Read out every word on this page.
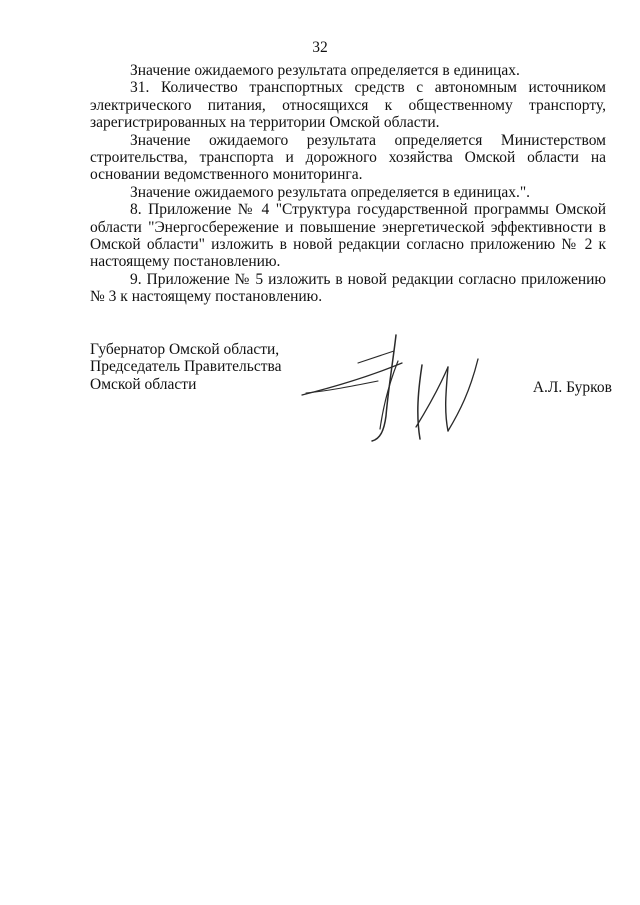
32

Значение ожидаемого результата определяется в единицах.

31. Количество транспортных средств с автономным источником электрического питания, относящихся к общественному транспорту, зарегистрированных на территории Омской области.

Значение ожидаемого результата определяется Министерством строительства, транспорта и дорожного хозяйства Омской области на основании ведомственного мониторинга.

Значение ожидаемого результата определяется в единицах.".

8. Приложение № 4 "Структура государственной программы Омской области "Энергосбережение и повышение энергетической эффективности в Омской области" изложить в новой редакции согласно приложению № 2 к настоящему постановлению.

9. Приложение № 5 изложить в новой редакции согласно приложению № 3 к настоящему постановлению.

Губернатор Омской области,
Председатель Правительства
Омской области	А.Л. Бурков
